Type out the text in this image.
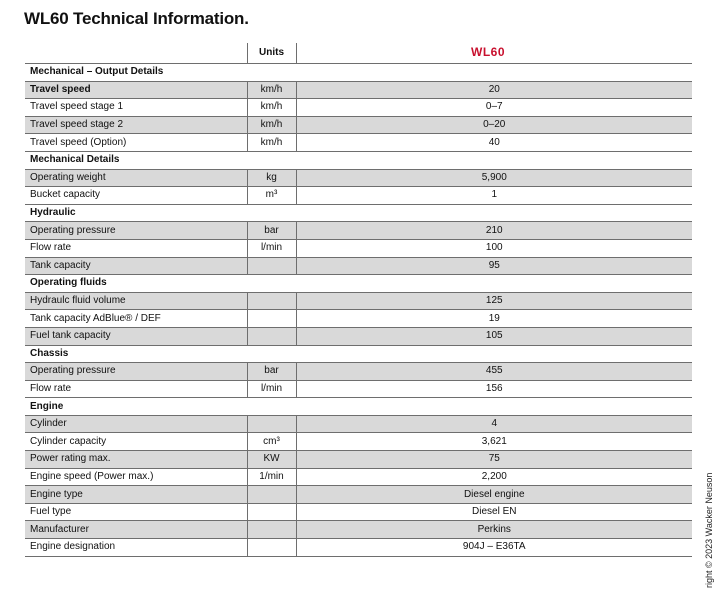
WL60 Technical Information.
	Units	WL60

Mechanical – Output Details		
Travel speed	km/h	20
Travel speed stage 1	km/h	0–7
Travel speed stage 2	km/h	0–20
Travel speed (Option)	km/h	40
Mechanical Details		
Operating weight	kg	5,900
Bucket capacity	m³	1
Hydraulic		
Operating pressure	bar	210
Flow rate	l/min	100
Tank capacity		95
Operating fluids		
Hydraulc fluid volume		125
Tank capacity AdBlue® / DEF		19
Fuel tank capacity		105
Chassis		
Operating pressure	bar	455
Flow rate	l/min	156
Engine		
Cylinder		4
Cylinder capacity	cm³	3,621
Power rating max.	KW	75
Engine speed (Power max.)	1/min	2,200
Engine type		Diesel engine
Fuel type		Diesel EN
Manufacturer		Perkins
Engine designation		904J – E36TA	right © 2023 Wacker Neuson
